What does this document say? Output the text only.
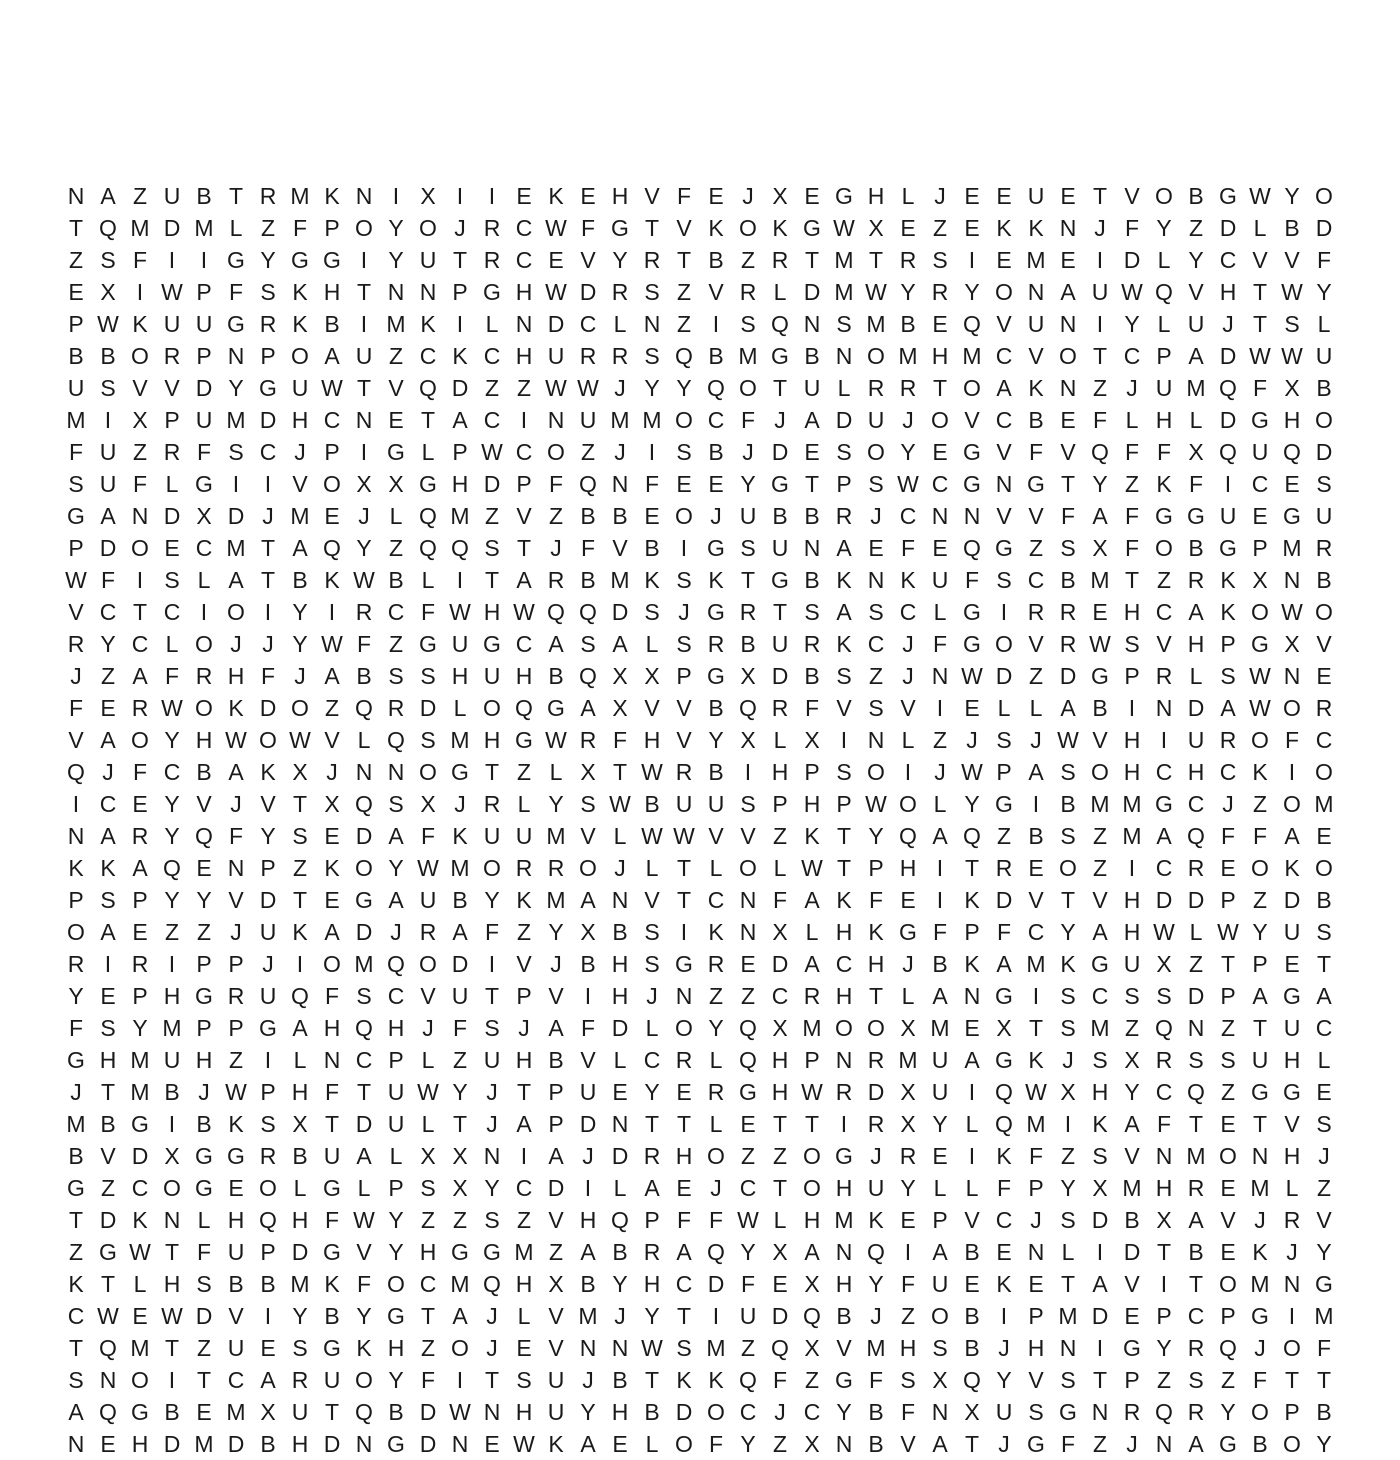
N A Z U B T R M K N I X I	I E K E H V F E J X E G H L J E E U E T V O B G W Y O
T Q M D M L Z F P O Y O J R C W F G T V K O K G W X E Z E K K N J F Y Z D L B D
Z S F I	I G Y G G I Y U T R C E V Y R T B Z R T M T R S I E M E I D L Y C V V F
E X I W P F S K H T N N P G H W D R S Z V R L D M W Y R Y O N A U W Q V H T W Y
P W K U U G R K B I M K I L N D C L N Z I S Q N S M B E Q V U N I Y L U J T S L
B B O R P N P O A U Z C K C H U R R S Q B M G B N O M H M C V O T C P A D W W U
U S V V D Y G U W T V Q D Z Z W W J Y Y Q O T U L R R T O A K N Z J U M Q F X B
M I X P U M D H C N E T A C I N U M M O C F J A D U J O V C B E F L H L D G H O
F U Z R F S C J P I G L P W C O Z J	I S B J D E S O Y E G V F V Q F F X Q U Q D
S U F L G I	I V O X X G H D P F Q N F E E Y G T P S W C G N G T Y Z K F I C E S
G A N D X D J M E J L Q M Z V Z B B E O J U B B R J C N N V V F A F G G U E G U
P D O E C M T A Q Y Z Q Q S T J F V B I G S U N A E F E Q G Z S X F O B G P M R
W F I S L A T B K W B L I T A R B M K S K T G B K N K U F S C B M T Z R K X N B
V C T C I O I Y I R C F W H W Q Q D S J G R T S A S C L G I R R E H C A K O W O
R Y C L O J J Y W F Z G U G C A S A L S R B U R K C J F G O V R W S V H P G X V
J Z A F R H F J A B S S H U H B Q X X P G X D B S Z J N W D Z D G P R L S W N E
F E R W O K D O Z Q R D L O Q G A X V V B Q R F V S V I E L L A B I N D A W O R
V A O Y H W O W V L Q S M H G W R F H V Y X L X I N L Z J S J W V H I U R O F C
Q J F C B A K X J N N O G T Z L X T W R B I H P S O I	J W P A S O H C H C K I O
I C E Y V J V T X Q S X J R L Y S W B U U S P H P W O L Y G I B M M G C J Z O M
N A R Y Q F Y S E D A F K U U M V L W W V V Z K T Y Q A Q Z B S Z M A Q F F A E
K K A Q E N P Z K O Y W M O R R O J L T L O L W T P H I T R E O Z I C R E O K O
P S P Y Y V D T E G A U B Y K M A N V T C N F A K F E I K D V T V H D D P Z D B
O A E Z Z J U K A D J R A F Z Y X B S I K N X L H K G F P F C Y A H W L W Y U S
R I R I P P J	I O M Q O D I V J B H S G R E D A C H J B K A M K G U X Z T P E T
Y E P H G R U Q F S C V U T P V I H J N Z Z C R H T L A N G I S C S S D P A G A
F S Y M P P G A H Q H J F S J A F D L O Y Q X M O O X M E X T S M Z Q N Z T U C
G H M U H Z I L N C P L Z U H B V L C R L Q H P N R M U A G K J S X R S S U H L
J T M B J W P H F T U W Y J T P U E Y E R G H W R D X U I Q W X H Y C Q Z G G E
M B G I B K S X T D U L T J A P D N T T L E T T I R X Y L Q M I K A F T E T V S
B V D X G G R B U A L X X N I A J D R H O Z Z O G J R E I K F Z S V N M O N H J
G Z C O G E O L G L P S X Y C D I L A E J C T O H U Y L L F P Y X M H R E M L Z
T D K N L H Q H F W Y Z Z S Z V H Q P F F W L H M K E P V C J S D B X A V J R V
Z G W T F U P D G V Y H G G M Z A B R A Q Y X A N Q I A B E N L I D T B E K J Y
K T L H S B B M K F O C M Q H X B Y H C D F E X H Y F U E K E T A V I T O M N G
C W E W D V I Y B Y G T A J L V M J Y T I U D Q B J Z O B I P M D E P C P G I M
T Q M T Z U E S G K H Z O J E V N N W S M Z Q X V M H S B J H N I G Y R Q J O F
S N O I T C A R U O Y F I T S U J B T K K Q F Z G F S X Q Y V S T P Z S Z F T T
A Q G B E M X U T Q B D W N H U Y H B D O C J C Y B F N X U S G N R Q R Y O P B
N E H D M D B H D N G D N E W K A E L O F Y Z X N B V A T J G F Z J N A G B O Y
